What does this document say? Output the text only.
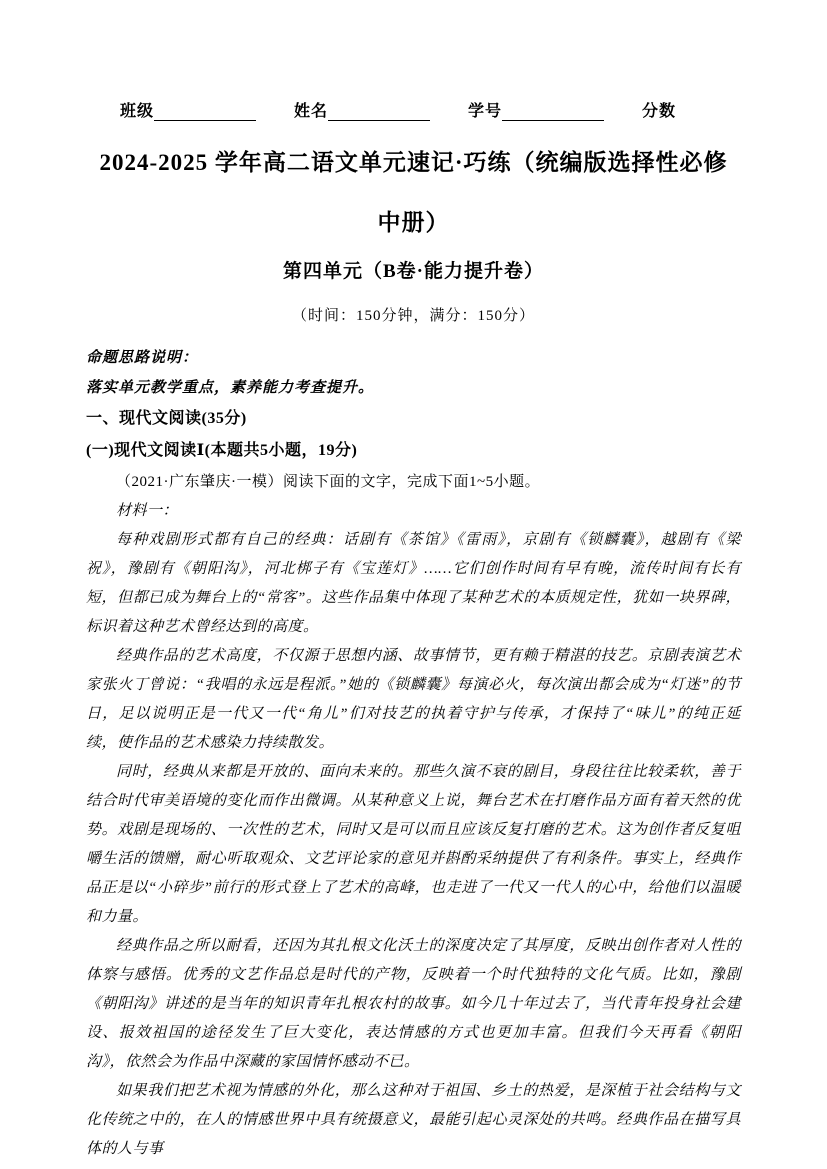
班级	姓名	学号	分数
2024-2025 学年高二语文单元速记·巧练（统编版选择性必修
中册）
第四单元（B卷·能力提升卷）
（时间：150分钟，满分：150分）
命题思路说明：
落实单元教学重点，素养能力考查提升。
一、现代文阅读(35分)
(一)现代文阅读Ⅰ(本题共5小题，19分)
（2021·广东肇庆·一模）阅读下面的文字，完成下面1~5小题。
材料一：

每种戏剧形式都有自己的经典：话剧有《茶馆》《雷雨》，京剧有《锁麟囊》，越剧有《梁祝》，豫剧有《朝阳沟》，河北梆子有《宝莲灯》……它们创作时间有早有晚，流传时间有长有短，但都已成为舞台上的“常客”。这些作品集中体现了某种艺术的本质规定性，犹如一块界碑，标识着这种艺术曾经达到的高度。

经典作品的艺术高度，不仅源于思想内涵、故事情节，更有赖于精湛的技艺。京剧表演艺术家张火丁曾说：“我唱的永远是程派。”她的《锁麟囊》每演必火，每次演出都会成为“灯迷”的节日，足以说明正是一代又一代“角儿”们对技艺的执着守护与传承，才保持了“味儿”的纯正延续，使作品的艺术感染力持续散发。

同时，经典从来都是开放的、面向未来的。那些久演不衰的剧目，身段往往比较柔软，善于结合时代审美语境的变化而作出微调。从某种意义上说，舞台艺术在打磨作品方面有着天然的优势。戏剧是现场的、一次性的艺术，同时又是可以而且应该反复打磨的艺术。这为创作者反复咀嚼生活的馈赠，耐心听取观众、文艺评论家的意见并斟酌采纳提供了有利条件。事实上，经典作品正是以“小碎步”前行的形式登上了艺术的高峰，也走进了一代又一代人的心中，给他们以温暖和力量。

经典作品之所以耐看，还因为其扎根文化沃土的深度决定了其厚度，反映出创作者对人性的体察与感悟。优秀的文艺作品总是时代的产物，反映着一个时代独特的文化气质。比如，豫剧《朝阳沟》讲述的是当年的知识青年扎根农村的故事。如今几十年过去了，当代青年投身社会建设、报效祖国的途径发生了巨大变化，表达情感的方式也更加丰富。但我们今天再看《朝阳沟》，依然会为作品中深藏的家国情怀感动不已。

如果我们把艺术视为情感的外化，那么这种对于祖国、乡土的热爱，是深植于社会结构与文化传统之中的，在人的情感世界中具有统摄意义，最能引起心灵深处的共鸣。经典作品在描写具体的人与事
